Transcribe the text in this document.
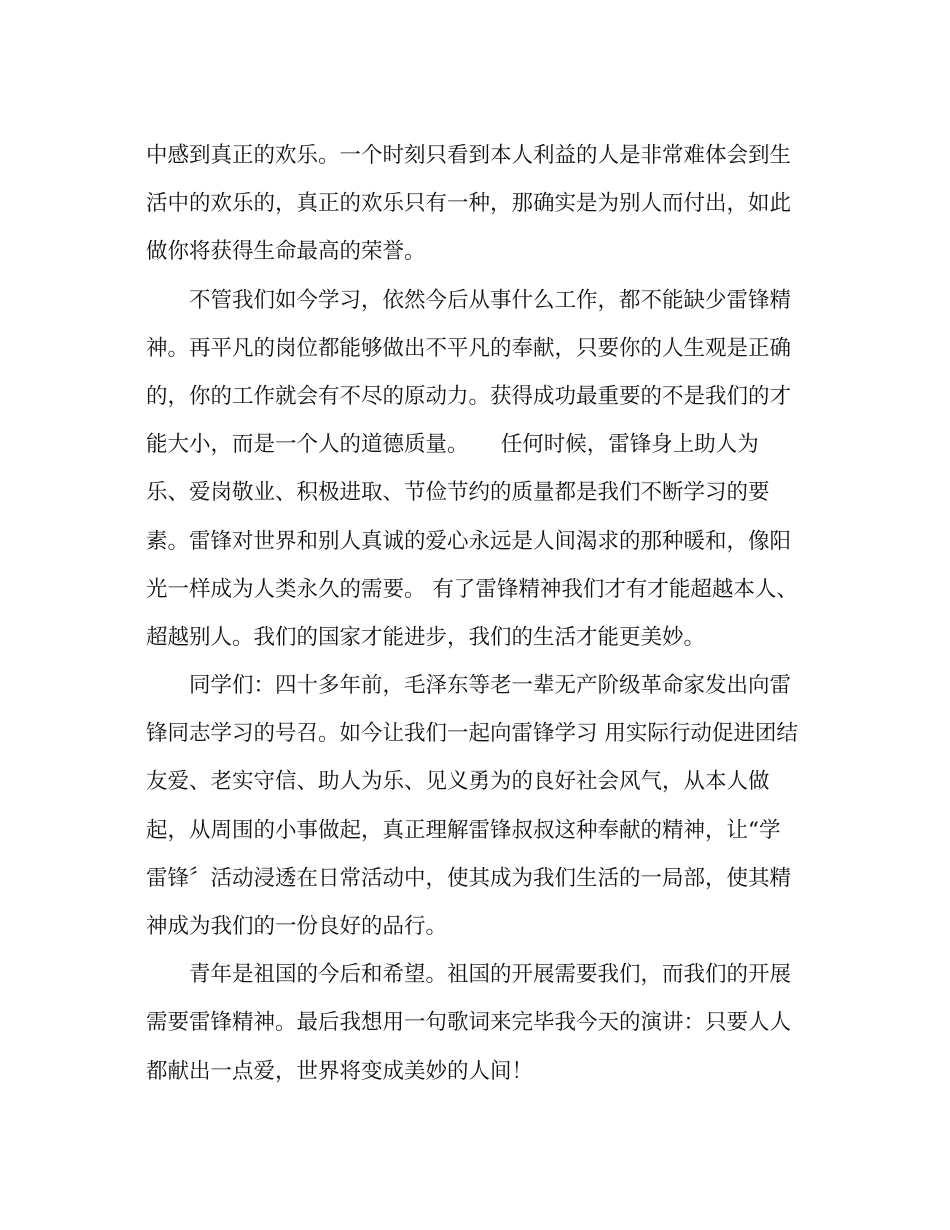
中感到真正的欢乐。一个时刻只看到本人利益的人是非常难体会到生
活中的欢乐的，真正的欢乐只有一种，那确实是为别人而付出，如此
做你将获得生命最高的荣誉。
　　不管我们如今学习，依然今后从事什么工作，都不能缺少雷锋精
神。再平凡的岗位都能够做出不平凡的奉献，只要你的人生观是正确
的，你的工作就会有不尽的原动力。获得成功最重要的不是我们的才
能大小，而是一个人的道德质量。　　任何时候，雷锋身上助人为
乐、爱岗敬业、积极进取、节俭节约的质量都是我们不断学习的要
素。雷锋对世界和别人真诚的爱心永远是人间渴求的那种暖和，像阳
光一样成为人类永久的需要。 有了雷锋精神我们才有才能超越本人、
超越别人。我们的国家才能进步，我们的生活才能更美妙。
　　同学们：四十多年前，毛泽东等老一辈无产阶级革命家发出向雷
锋同志学习的号召。如今让我们一起向雷锋学习 用实际行动促进团结
友爱、老实守信、助人为乐、见义勇为的良好社会风气，从本人做
起，从周围的小事做起，真正理解雷锋叔叔这种奉献的精神，让“学
雷锋〞活动浸透在日常活动中，使其成为我们生活的一局部，使其精
神成为我们的一份良好的品行。
　　青年是祖国的今后和希望。祖国的开展需要我们，而我们的开展
需要雷锋精神。最后我想用一句歌词来完毕我今天的演讲：只要人人
都献出一点爱，世界将变成美妙的人间！
